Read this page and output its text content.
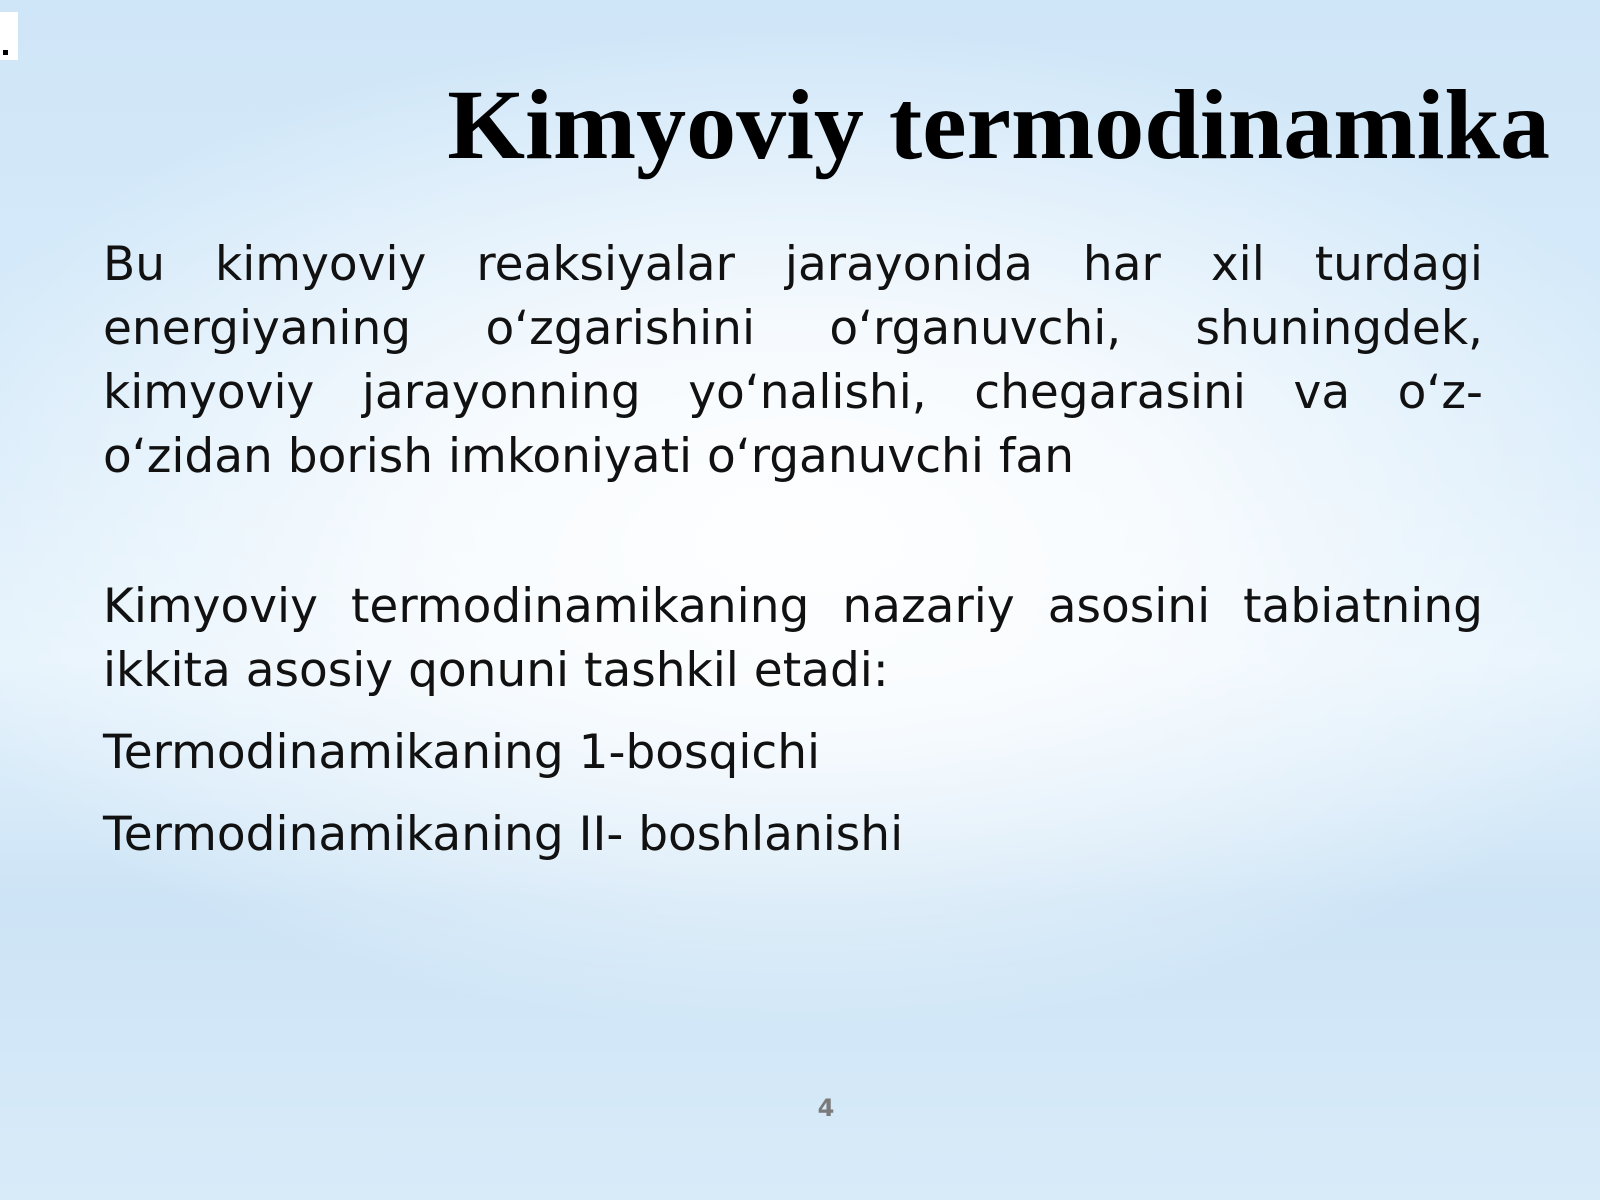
Kimyoviy termodinamika

Bu kimyoviy reaksiyalar jarayonida har xil turdagi energiyaning o‘zgarishini o‘rganuvchi, shuningdek, kimyoviy jarayonning yo‘nalishi, chegarasini va o‘z-o‘zidan borish imkoniyati o‘rganuvchi fan

Kimyoviy termodinamikaning nazariy asosini tabiatning ikkita asosiy qonuni tashkil etadi:

Termodinamikaning 1-bosqichi

Termodinamikaning II- boshlanishi

4
